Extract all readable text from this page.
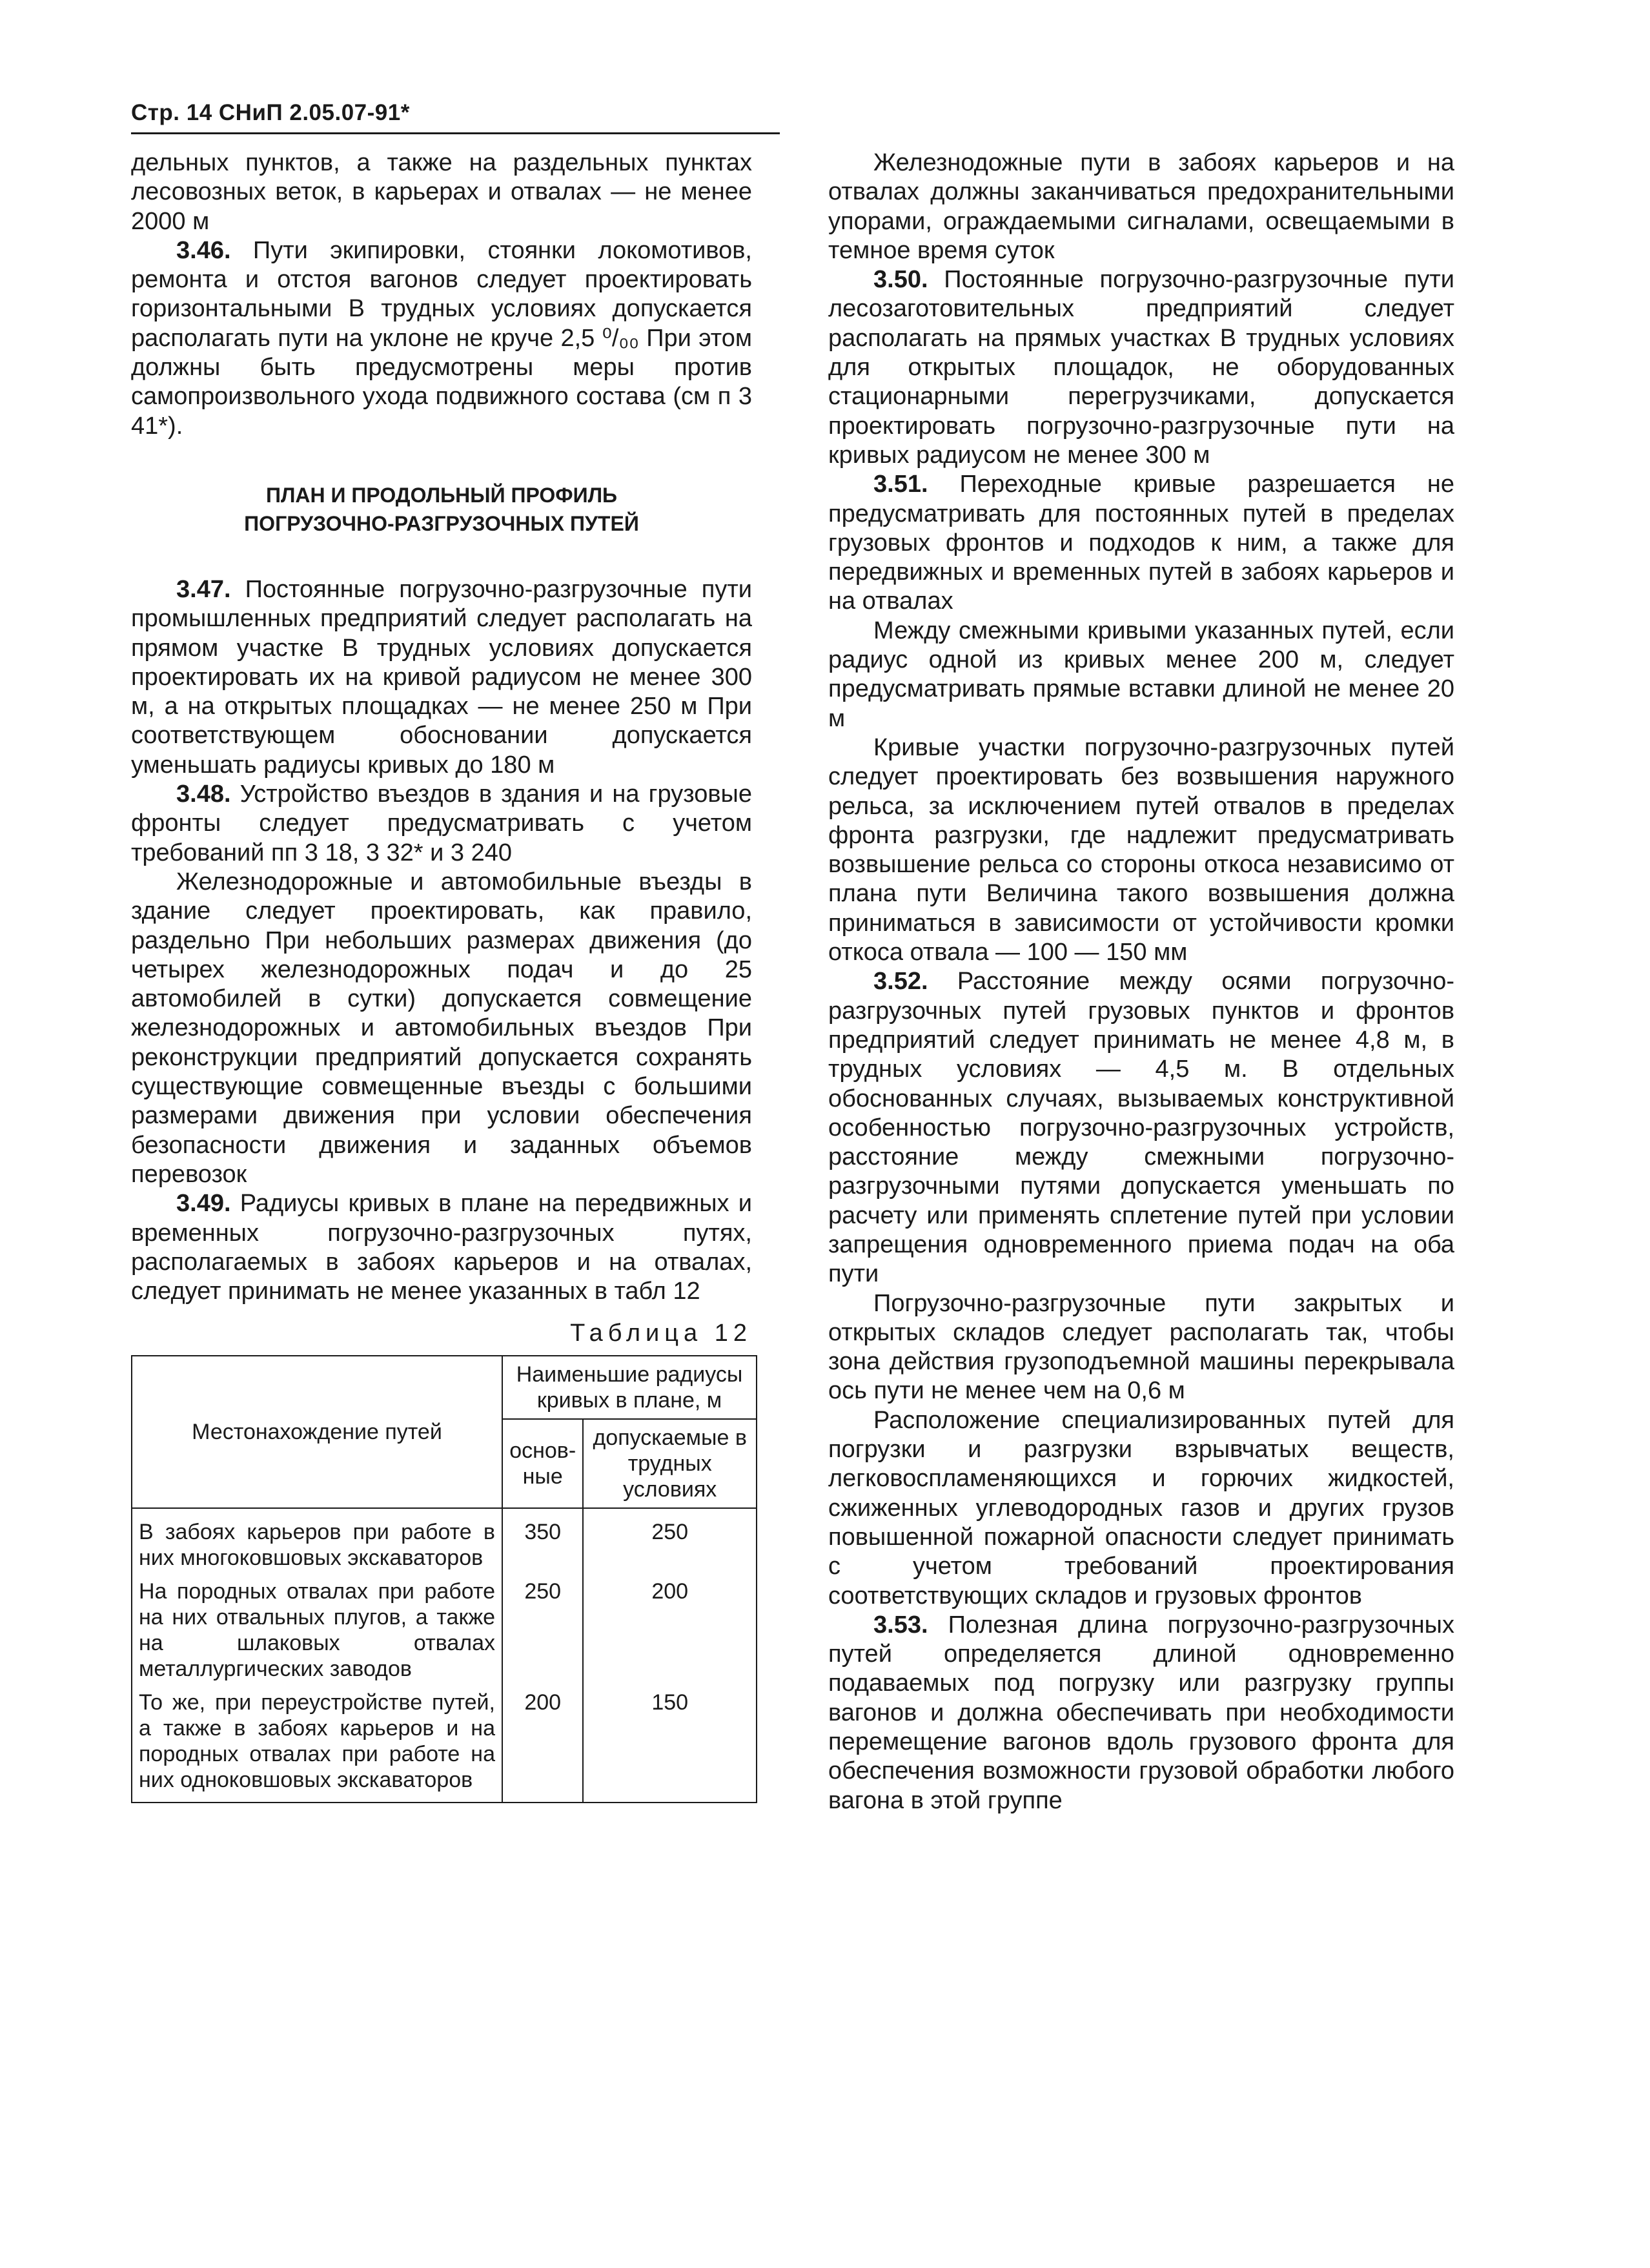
Стр. 14 СНиП 2.05.07-91*

дельных пунктов, а также на раздельных пунктах лесовозных веток, в карьерах и отвалах — не менее 2000 м

3.46. Пути экипировки, стоянки локомотивов, ремонта и отстоя вагонов следует проектировать горизонтальными В трудных условиях допускается располагать пути на уклоне не круче 2,5 ⁰/₀₀ При этом должны быть предусмотрены меры против самопроизвольного ухода подвижного состава (см п 3 41*).

ПЛАН И ПРОДОЛЬНЫЙ ПРОФИЛЬ
ПОГРУЗОЧНО-РАЗГРУЗОЧНЫХ ПУТЕЙ

3.47. Постоянные погрузочно-разгрузочные пути промышленных предприятий следует располагать на прямом участке В трудных условиях допускается проектировать их на кривой радиусом не менее 300 м, а на открытых площадках — не менее 250 м При соответствующем обосновании допускается уменьшать радиусы кривых до 180 м

3.48. Устройство въездов в здания и на грузовые фронты следует предусматривать с учетом требований пп 3 18, 3 32* и 3 240

Железнодорожные и автомобильные въезды в здание следует проектировать, как правило, раздельно При небольших размерах движения (до четырех железнодорожных подач и до 25 автомобилей в сутки) допускается совмещение железнодорожных и автомобильных въездов При реконструкции предприятий допускается сохранять существующие совмещенные въезды с большими размерами движения при условии обеспечения безопасности движения и заданных объемов перевозок

3.49. Радиусы кривых в плане на передвижных и временных погрузочно-разгрузочных путях, располагаемых в забоях карьеров и на отвалах, следует принимать не менее указанных в табл 12

Таблица 12
Местонахождение путей	Наименьшие радиусы кривых в плане, м	
	основ-ные	допускаемые в трудных условиях
В забоях карьеров при работе в них многоковшовых экскаваторов	350	250
На породных отвалах при работе на них отвальных плугов, а также на шлаковых отвалах металлургических заводов	250	200
То же, при переустройстве путей, а также в забоях карьеров и на породных отвалах при работе на них одноковшовых экскаваторов	200	150

Железнодожные пути в забоях карьеров и на отвалах должны заканчиваться предохранительными упорами, ограждаемыми сигналами, освещаемыми в темное время суток

3.50. Постоянные погрузочно-разгрузочные пути лесозаготовительных предприятий следует располагать на прямых участках В трудных условиях для открытых площадок, не оборудованных стационарными перегрузчиками, допускается проектировать погрузочно-разгрузочные пути на кривых радиусом не менее 300 м

3.51. Переходные кривые разрешается не предусматривать для постоянных путей в пределах грузовых фронтов и подходов к ним, а также для передвижных и временных путей в забоях карьеров и на отвалах

Между смежными кривыми указанных путей, если радиус одной из кривых менее 200 м, следует предусматривать прямые вставки длиной не менее 20 м

Кривые участки погрузочно-разгрузочных путей следует проектировать без возвышения наружного рельса, за исключением путей отвалов в пределах фронта разгрузки, где надлежит предусматривать возвышение рельса со стороны откоса независимо от плана пути Величина такого возвышения должна приниматься в зависимости от устойчивости кромки откоса отвала — 100 — 150 мм

3.52. Расстояние между осями погрузочно-разгрузочных путей грузовых пунктов и фронтов предприятий следует принимать не менее 4,8 м, в трудных условиях — 4,5 м. В отдельных обоснованных случаях, вызываемых конструктивной особенностью погрузочно-разгрузочных устройств, расстояние между смежными погрузочно-разгрузочными путями допускается уменьшать по расчету или применять сплетение путей при условии запрещения одновременного приема подач на оба пути

Погрузочно-разгрузочные пути закрытых и открытых складов следует располагать так, чтобы зона действия грузоподъемной машины перекрывала ось пути не менее чем на 0,6 м

Расположение специализированных путей для погрузки и разгрузки взрывчатых веществ, легковоспламеняющихся и горючих жидкостей, сжиженных углеводородных газов и других грузов повышенной пожарной опасности следует принимать с учетом требований проектирования соответствующих складов и грузовых фронтов

3.53. Полезная длина погрузочно-разгрузочных путей определяется длиной одновременно подаваемых под погрузку или разгрузку группы вагонов и должна обеспечивать при необходимости перемещение вагонов вдоль грузового фронта для обеспечения возможности грузовой обработки любого вагона в этой группе
